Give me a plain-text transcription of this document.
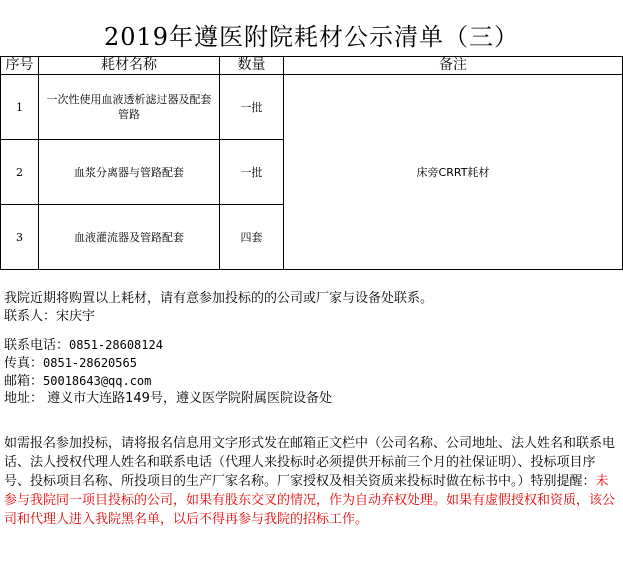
2019年遵医附院耗材公示清单（三）
序号	耗材名称	数量	备注
1	一次性使用血液透析滤过器及配套管路	一批	床旁CRRT耗材
2	血浆分离器与管路配套	一批	
3	血液灌流器及管路配套	四套	
我院近期将购置以上耗材，请有意参加投标的的公司或厂家与设备处联系。
联系人：宋庆宇
联系电话：0851-28608124
传真：0851-28620565
邮箱：50018643@qq.com
地址： 遵义市大连路149号，遵义医学院附属医院设备处
如需报名参加投标，请将报名信息用文字形式发在邮箱正文栏中（公司名称、公司地址、法人姓名和联系电话、法人授权代理人姓名和联系电话（代理人来投标时必须提供开标前三个月的社保证明）、投标项目序号、投标项目名称、所投项目的生产厂家名称。厂家授权及相关资质来投标时做在标书中。）特别提醒：未参与我院同一项目投标的公司，如果有股东交叉的情况，作为自动弃权处理。如果有虚假授权和资质，该公司和代理人进入我院黑名单，以后不得再参与我院的招标工作。
